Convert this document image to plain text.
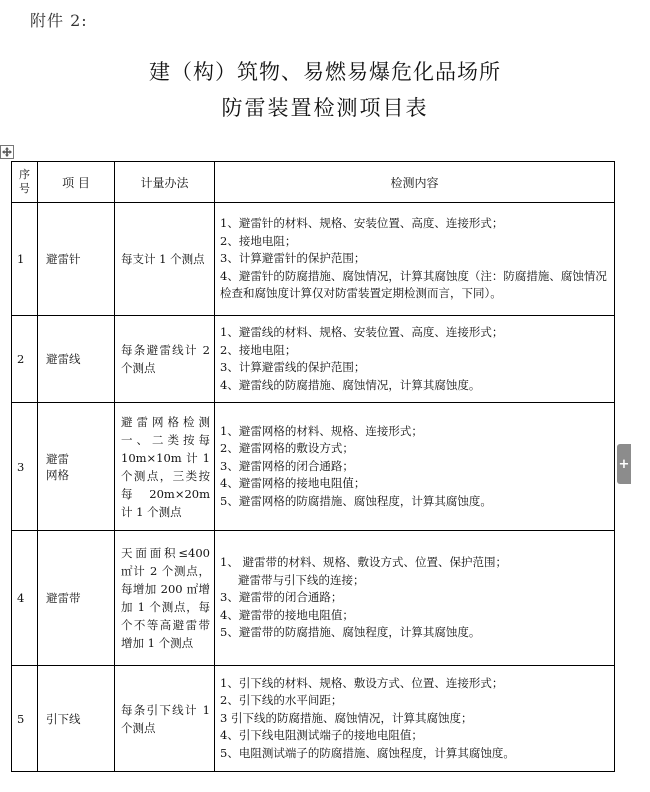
附件 2:
建（构）筑物、易燃易爆危化品场所
防雷装置检测项目表
+
序
号	项 目	计量办法	检测内容
1	避雷针	每支计 1 个测点	1、避雷针的材料、规格、安装位置、高度、连接形式；
2、接地电阻；
3、计算避雷针的保护范围；
4、避雷针的防腐措施、腐蚀情况，计算其腐蚀度（注：防腐措施、腐蚀情况检查和腐蚀度计算仅对防雷装置定期检测而言，下同）。

2	避雷线	每条避雷线计 2 个测点	1、避雷线的材料、规格、安装位置、高度、连接形式；
2、接地电阻；
3、计算避雷线的保护范围；
4、避雷线的防腐措施、腐蚀情况，计算其腐蚀度。

3	避雷网格	避雷网格检测一、二类按每 10m×10m 计 1 个测点，三类按每 20m×20m 计 1 个测点	1、避雷网格的材料、规格、连接形式；
2、避雷网格的敷设方式；
3、避雷网格的闭合通路；
4、避雷网格的接地电阻值；
5、避雷网格的防腐措施、腐蚀程度，计算其腐蚀度。

4	避雷带	天面面积≤400㎡计 2 个测点，每增加 200 ㎡增加 1 个测点，每个不等高避雷带增加 1 个测点	1、 避雷带的材料、规格、敷设方式、位置、保护范围；
避雷带与引下线的连接；
3、避雷带的闭合通路；
4、避雷带的接地电阻值；
5、避雷带的防腐措施、腐蚀程度，计算其腐蚀度。

5	引下线	每条引下线计 1 个测点	1、引下线的材料、规格、敷设方式、位置、连接形式；
2、引下线的水平间距；
3 引下线的防腐措施、腐蚀情况，计算其腐蚀度；
4、引下线电阻测试端子的接地电阻值；
5、电阻测试端子的防腐措施、腐蚀程度，计算其腐蚀度。
